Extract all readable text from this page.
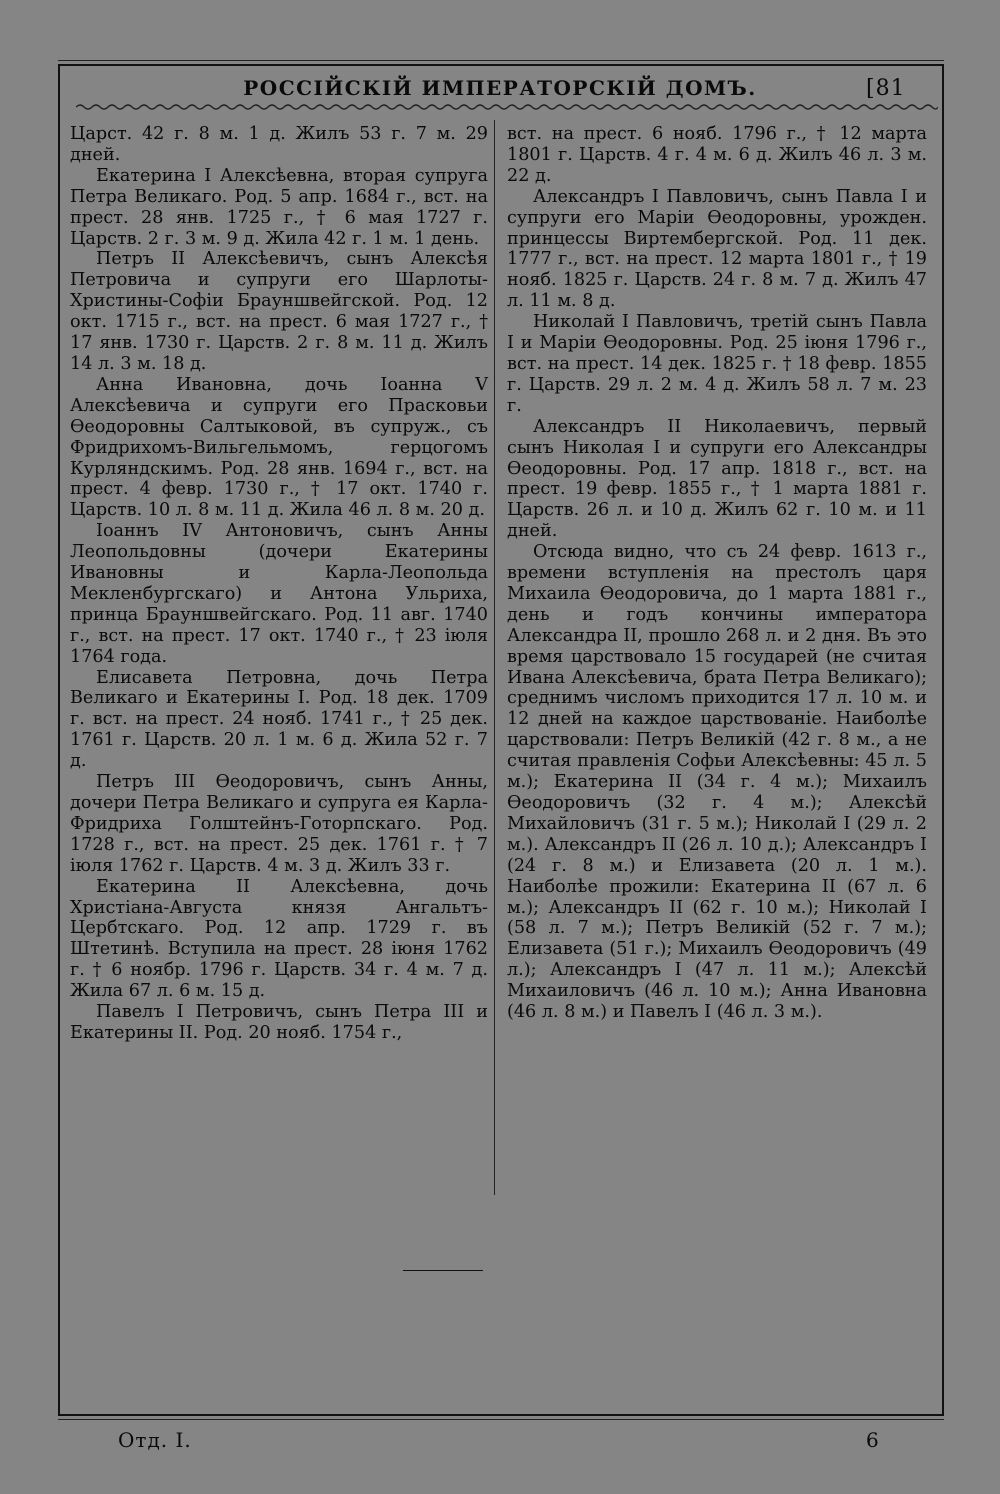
РОССІЙСКІЙ ИМПЕРАТОРСКІЙ ДОМЪ.	[81

Царст. 42 г. 8 м. 1 д. Жилъ 53 г. 7 м. 29 дней.

Екатерина I Алексѣевна, вторая супруга Петра Великаго. Род. 5 апр. 1684 г., вст. на прест. 28 янв. 1725 г., † 6 мая 1727 г. Царств. 2 г. 3 м. 9 д. Жила 42 г. 1 м. 1 день.

Петръ II Алексѣевичъ, сынъ Алексѣя Петровича и супруги его Шарлоты-Христины-Софіи Брауншвейгской. Род. 12 окт. 1715 г., вст. на прест. 6 мая 1727 г., † 17 янв. 1730 г. Царств. 2 г. 8 м. 11 д. Жилъ 14 л. 3 м. 18 д.

Анна Ивановна, дочь Іоанна V Алексѣевича и супруги его Прасковьи Ѳеодоровны Салтыковой, въ супруж., съ Фридрихомъ-Вильгельмомъ, герцогомъ Курляндскимъ. Род. 28 янв. 1694 г., вст. на прест. 4 февр. 1730 г., † 17 окт. 1740 г. Царств. 10 л. 8 м. 11 д. Жила 46 л. 8 м. 20 д.

Іоаннъ IV Антоновичъ, сынъ Анны Леопольдовны (дочери Екатерины Ивановны и Карла-Леопольда Мекленбургскаго) и Антона Ульриха, принца Брауншвейгскаго. Род. 11 авг. 1740 г., вст. на прест. 17 окт. 1740 г., † 23 іюля 1764 года.

Елисавета Петровна, дочь Петра Великаго и Екатерины I. Род. 18 дек. 1709 г. вст. на прест. 24 нояб. 1741 г., † 25 дек. 1761 г. Царств. 20 л. 1 м. 6 д. Жила 52 г. 7 д.

Петръ III Ѳеодоровичъ, сынъ Анны, дочери Петра Великаго и супруга ея Карла-Фридриха Голштейнъ-Готорпскаго. Род. 1728 г., вст. на прест. 25 дек. 1761 г. † 7 іюля 1762 г. Царств. 4 м. 3 д. Жилъ 33 г.

Екатерина II Алексѣевна, дочь Христіана-Августа князя Ангальтъ-Цербтскаго. Род. 12 апр. 1729 г. въ Штетинѣ. Вступила на прест. 28 іюня 1762 г. † 6 ноябр. 1796 г. Царств. 34 г. 4 м. 7 д. Жила 67 л. 6 м. 15 д.

Павелъ I Петровичъ, сынъ Петра III и Екатерины II. Род. 20 нояб. 1754 г.,

вст. на прест. 6 нояб. 1796 г., † 12 марта 1801 г. Царств. 4 г. 4 м. 6 д. Жилъ 46 л. 3 м. 22 д.

Александръ I Павловичъ, сынъ Павла I и супруги его Маріи Ѳеодоровны, урожден. принцессы Виртембергской. Род. 11 дек. 1777 г., вст. на прест. 12 марта 1801 г., † 19 нояб. 1825 г. Царств. 24 г. 8 м. 7 д. Жилъ 47 л. 11 м. 8 д.

Николай I Павловичъ, третій сынъ Павла I и Маріи Ѳеодоровны. Род. 25 іюня 1796 г., вст. на прест. 14 дек. 1825 г. † 18 февр. 1855 г. Царств. 29 л. 2 м. 4 д. Жилъ 58 л. 7 м. 23 г.

Александръ II Николаевичъ, первый сынъ Николая I и супруги его Александры Ѳеодоровны. Род. 17 апр. 1818 г., вст. на прест. 19 февр. 1855 г., † 1 марта 1881 г. Царств. 26 л. и 10 д. Жилъ 62 г. 10 м. и 11 дней.

Отсюда видно, что съ 24 февр. 1613 г., времени вступленія на престолъ царя Михаила Ѳеодоровича, до 1 марта 1881 г., день и годъ кончины императора Александра II, прошло 268 л. и 2 дня. Въ это время царствовало 15 государей (не считая Ивана Алексѣевича, брата Петра Великаго); среднимъ числомъ приходится 17 л. 10 м. и 12 дней на каждое царствованіе. Наиболѣе царствовали: Петръ Великій (42 г. 8 м., а не считая правленія Софьи Алексѣевны: 45 л. 5 м.); Екатерина II (34 г. 4 м.); Михаилъ Ѳеодоровичъ (32 г. 4 м.); Алексѣй Михайловичъ (31 г. 5 м.); Николай I (29 л. 2 м.). Александръ II (26 л. 10 д.); Александръ I (24 г. 8 м.) и Елизавета (20 л. 1 м.). Наиболѣе прожили: Екатерина II (67 л. 6 м.); Александръ II (62 г. 10 м.); Николай I (58 л. 7 м.); Петръ Великій (52 г. 7 м.); Елизавета (51 г.); Михаилъ Ѳеодоровичъ (49 л.); Александръ I (47 л. 11 м.); Алексѣй Михаиловичъ (46 л. 10 м.); Анна Ивановна (46 л. 8 м.) и Павелъ I (46 л. 3 м.).

Отд. I.	6
